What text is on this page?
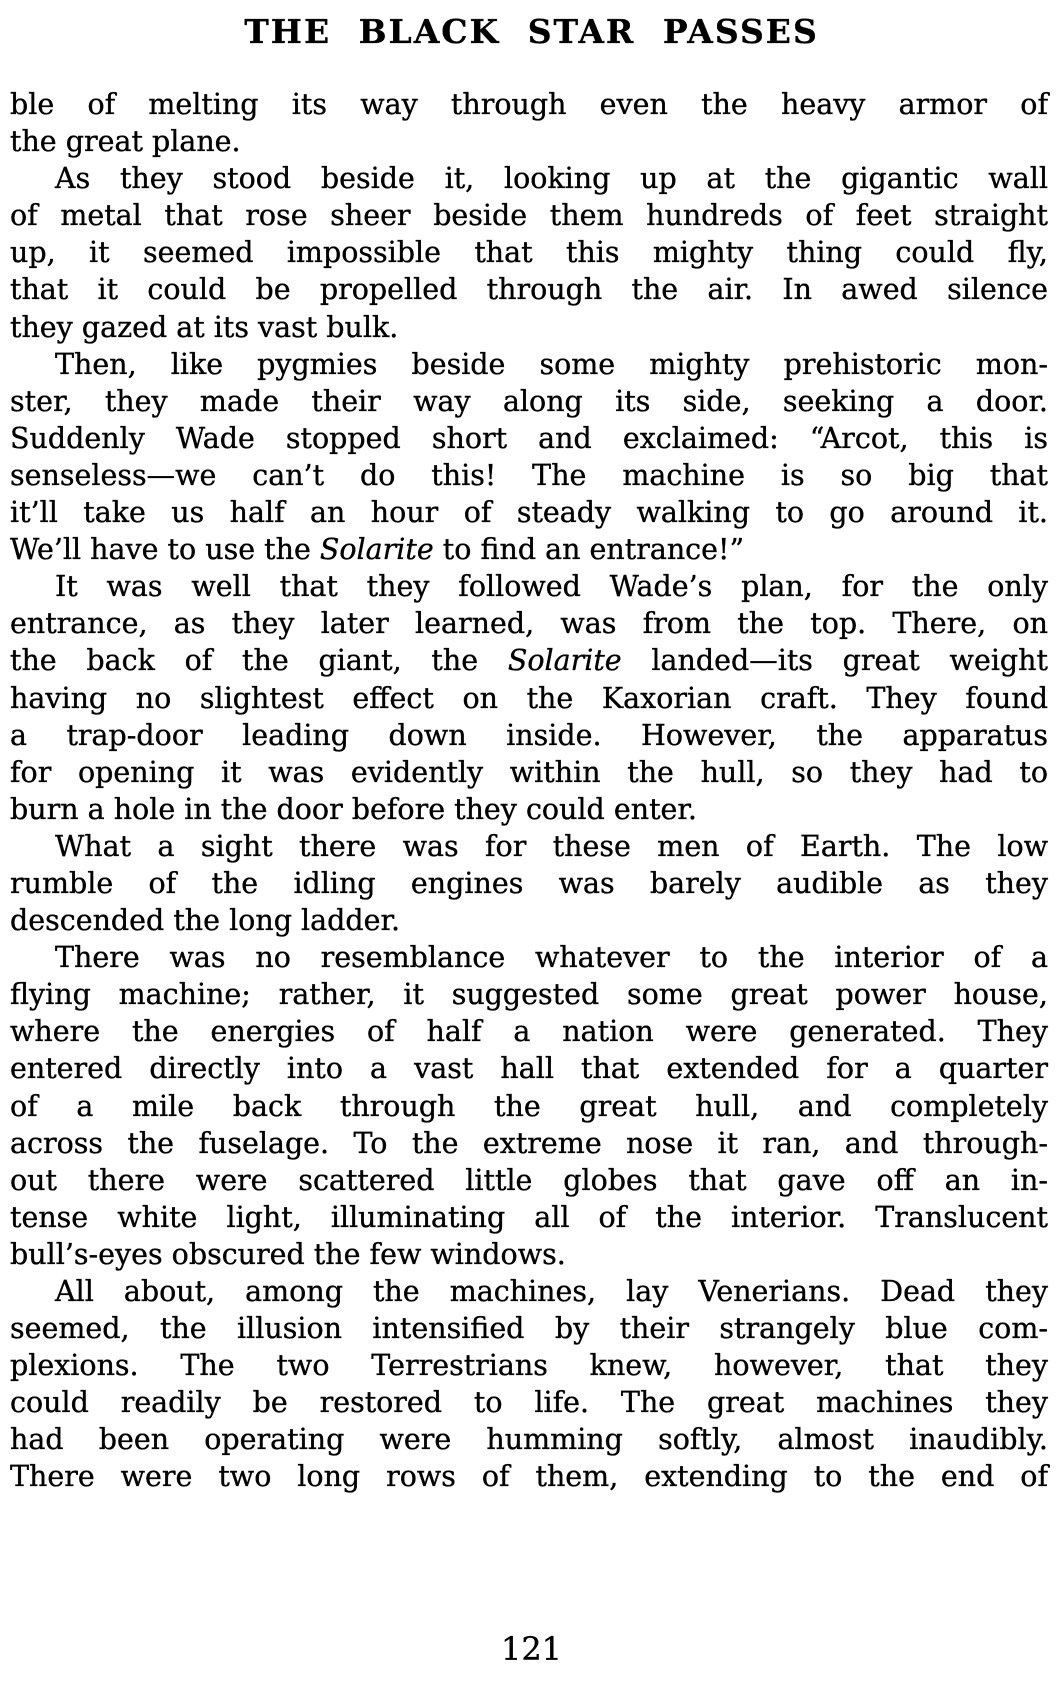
THE BLACK STAR PASSES
ble of melting its way through even the heavy armor of
the great plane.
As they stood beside it, looking up at the gigantic wall
of metal that rose sheer beside them hundreds of feet straight
up, it seemed impossible that this mighty thing could fly,
that it could be propelled through the air. In awed silence
they gazed at its vast bulk.
Then, like pygmies beside some mighty prehistoric mon-
ster, they made their way along its side, seeking a door.
Suddenly Wade stopped short and exclaimed: “Arcot, this is
senseless—we can’t do this! The machine is so big that
it’ll take us half an hour of steady walking to go around it.
We’ll have to use the Solarite to find an entrance!”
It was well that they followed Wade’s plan, for the only
entrance, as they later learned, was from the top. There, on
the back of the giant, the Solarite landed—its great weight
having no slightest effect on the Kaxorian craft. They found
a trap-door leading down inside. However, the apparatus
for opening it was evidently within the hull, so they had to
burn a hole in the door before they could enter.
What a sight there was for these men of Earth. The low
rumble of the idling engines was barely audible as they
descended the long ladder.
There was no resemblance whatever to the interior of a
flying machine; rather, it suggested some great power house,
where the energies of half a nation were generated. They
entered directly into a vast hall that extended for a quarter
of a mile back through the great hull, and completely
across the fuselage. To the extreme nose it ran, and through-
out there were scattered little globes that gave off an in-
tense white light, illuminating all of the interior. Translucent
bull’s-eyes obscured the few windows.
All about, among the machines, lay Venerians. Dead they
seemed, the illusion intensified by their strangely blue com-
plexions. The two Terrestrians knew, however, that they
could readily be restored to life. The great machines they
had been operating were humming softly, almost inaudibly.
There were two long rows of them, extending to the end of
121
